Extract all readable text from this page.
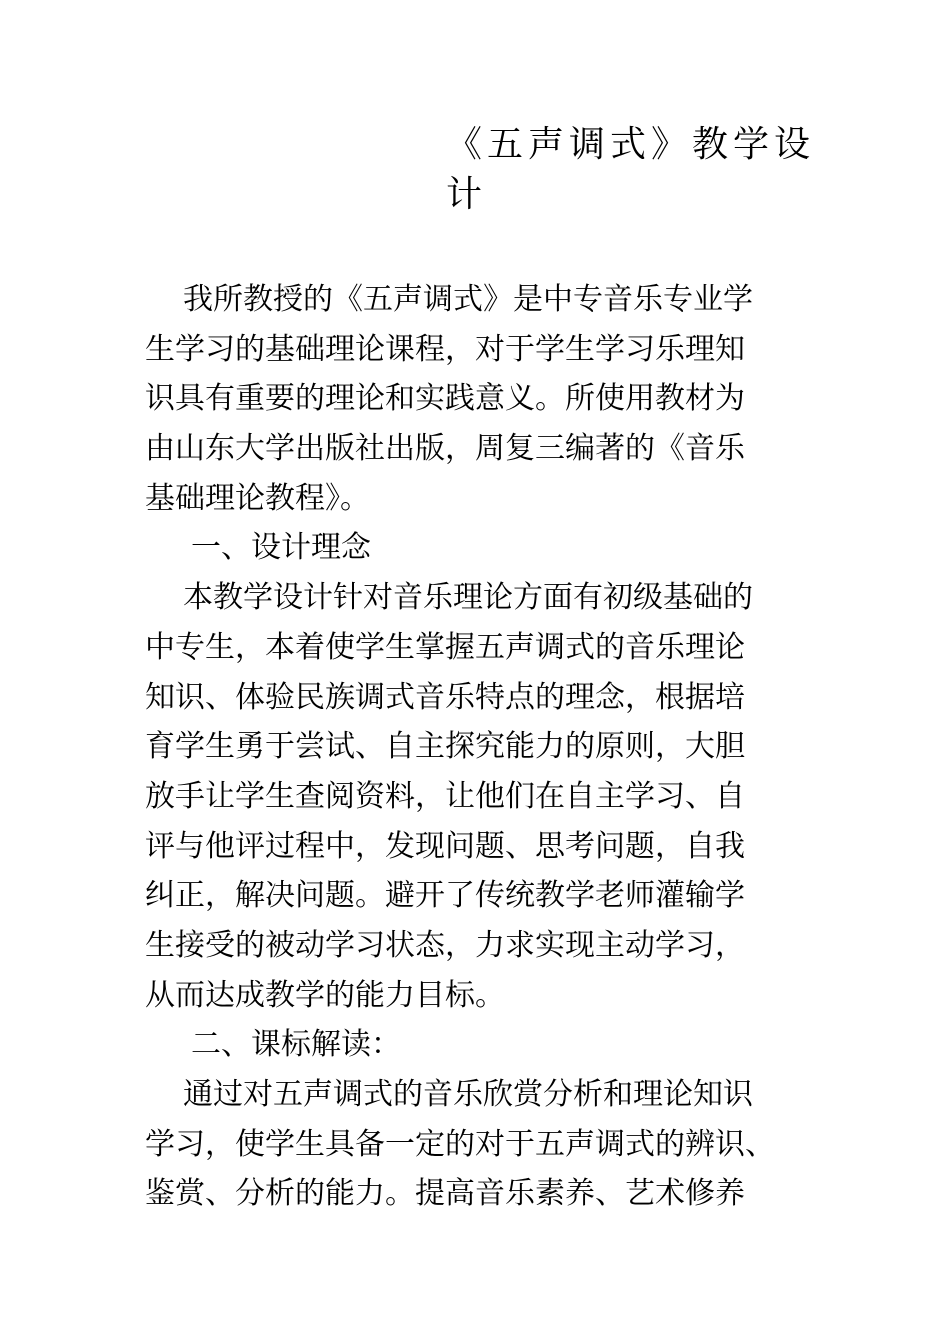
《五声调式》教学设
计
我所教授的《五声调式》是中专音乐专业学
生学习的基础理论课程，对于学生学习乐理知
识具有重要的理论和实践意义。所使用教材为
由山东大学出版社出版，周复三编著的《音乐
基础理论教程》。
一、设计理念
本教学设计针对音乐理论方面有初级基础的
中专生，本着使学生掌握五声调式的音乐理论
知识、体验民族调式音乐特点的理念，根据培
育学生勇于尝试、自主探究能力的原则，大胆
放手让学生查阅资料，让他们在自主学习、自
评与他评过程中，发现问题、思考问题，自我
纠正，解决问题。避开了传统教学老师灌输学
生接受的被动学习状态，力求实现主动学习，
从而达成教学的能力目标。
二、课标解读：
通过对五声调式的音乐欣赏分析和理论知识
学习，使学生具备一定的对于五声调式的辨识、
鉴赏、分析的能力。提高音乐素养、艺术修养
